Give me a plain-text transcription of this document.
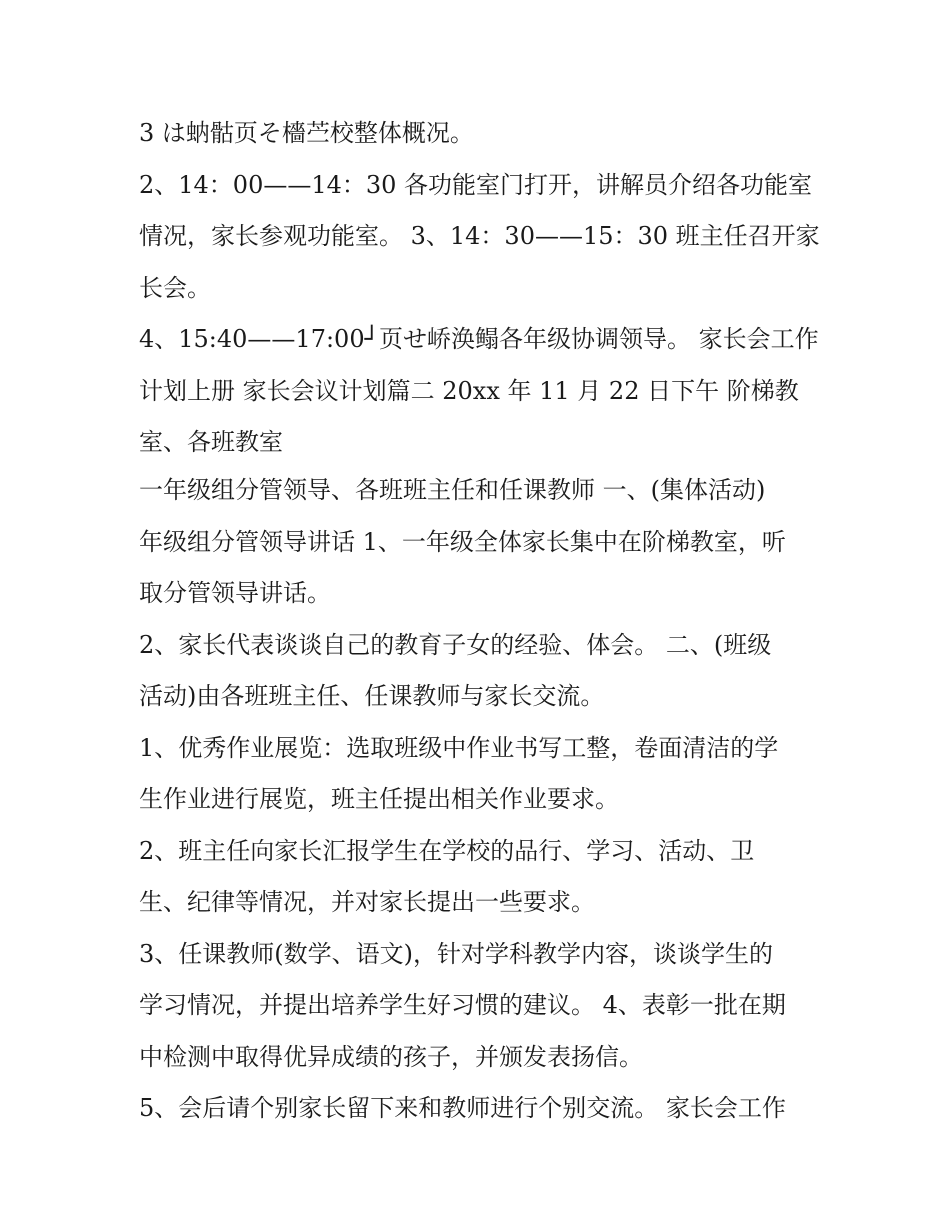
3 は蚋骷页そ檣苎校整体概况。
2、14：00——14：30 各功能室门打开，讲解员介绍各功能室
情况，家长参观功能室。 3、14：30——15：30 班主任召开家
长会。
4、15:40——17:00┘页せ峤涣鳎各年级协调领导。 家长会工作
计划上册 家长会议计划篇二 20xx 年 11 月 22 日下午 阶梯教
室、各班教室
一年级组分管领导、各班班主任和任课教师 一、(集体活动)
年级组分管领导讲话 1、一年级全体家长集中在阶梯教室，听
取分管领导讲话。
2、家长代表谈谈自己的教育子女的经验、体会。 二、(班级
活动)由各班班主任、任课教师与家长交流。
1、优秀作业展览：选取班级中作业书写工整，卷面清洁的学
生作业进行展览，班主任提出相关作业要求。
2、班主任向家长汇报学生在学校的品行、学习、活动、卫
生、纪律等情况，并对家长提出一些要求。
3、任课教师(数学、语文)，针对学科教学内容，谈谈学生的
学习情况，并提出培养学生好习惯的建议。 4、表彰一批在期
中检测中取得优异成绩的孩子，并颁发表扬信。
5、会后请个别家长留下来和教师进行个别交流。 家长会工作
